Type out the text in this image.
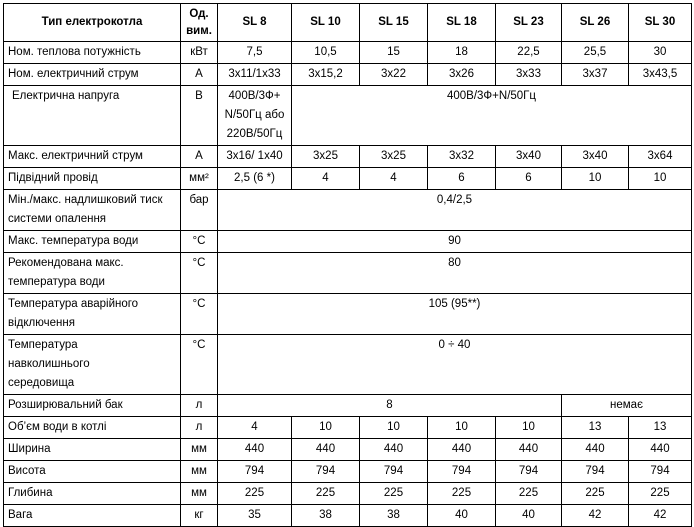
Тип електрокотла	Од. вим.	SL 8	SL 10	SL 15	SL 18	SL 23	SL 26	SL 30
Ном. теплова потужність	кВт	7,5	10,5	15	18	22,5	25,5	30
Ном. електричний струм	А	3х11/1х33	3х15,2	3х22	3х26	3х33	3х37	3х43,5
Електрична напруга	В	400В/3Ф+ N/50Гц або 220В/50Гц	400В/3Ф+N/50Гц					
Макс. електричний струм	А	3х16/ 1х40	3х25	3х25	3х32	3х40	3х40	3х64
Підвідний провід	мм²	2,5 (6 *)	4	4	6	6	10	10
Мін./макс. надлишковий тиск системи опалення	бар	0,4/2,5						
Макс. температура води	°С	90						
Рекомендована макс. температура води	°С	80						
Температура аварійного відключення	°С	105 (95**)						

Температура навколишнього середовища	°С	0 ÷ 40						
Розширювальний бак	л	8					немає	
Об’єм води в котлі	л	4	10	10	10	10	13	13
Ширина	мм	440	440	440	440	440	440	440
Висота	мм	794	794	794	794	794	794	794
Глибина	мм	225	225	225	225	225	225	225
Вага	кг	35	38	38	40	40	42	42
